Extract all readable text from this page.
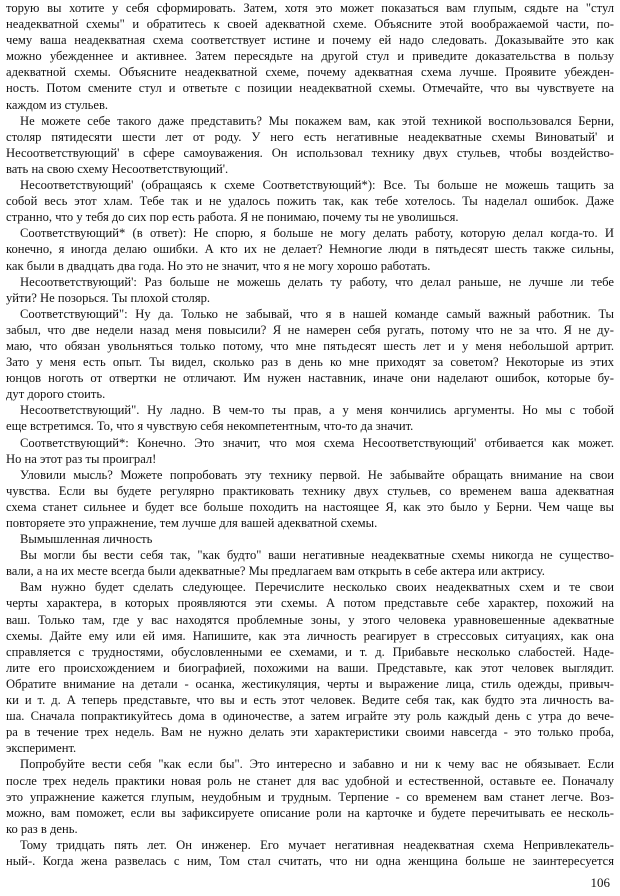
торую вы хотите у себя сформировать. Затем, хотя это может показаться вам глупым, сядьте на "стул
неадекватной схемы" и обратитесь к своей адекватной схеме. Объясните этой воображаемой части, по-
чему ваша неадекватная схема соответствует истине и почему ей надо следовать. Доказывайте это как
можно убежденнее и активнее. Затем пересядьте на другой стул и приведите доказательства в пользу
адекватной схемы. Объясните неадекватной схеме, почему адекватная схема лучше. Проявите убежден-
ность. Потом смените стул и ответьте с позиции неадекватной схемы. Отмечайте, что вы чувствуете на
каждом из стульев.
Не можете себе такого даже представить? Мы покажем вам, как этой техникой воспользовался Берни,
столяр пятидесяти шести лет от роду. У него есть негативные неадекватные схемы Виноватый' и
Несоответствующий' в сфере самоуважения. Он использовал технику двух стульев, чтобы воздейство-
вать на свою схему Несоответствующий'.
Несоответствующий' (обращаясь к схеме Соответствующий*): Все. Ты больше не можешь тащить за
собой весь этот хлам. Тебе так и не удалось пожить так, как тебе хотелось. Ты наделал ошибок. Даже
странно, что у тебя до сих пор есть работа. Я не понимаю, почему ты не уволишься.
Соответствующий* (в ответ): Не спорю, я больше не могу делать работу, которую делал когда-то. И
конечно, я иногда делаю ошибки. А кто их не делает? Немногие люди в пятьдесят шесть также сильны,
как были в двадцать два года. Но это не значит, что я не могу хорошо работать.
Несоответствующий': Раз больше не можешь делать ту работу, что делал раньше, не лучше ли тебе
уйти? Не позорься. Ты плохой столяр.
Соответствующий": Ну да. Только не забывай, что я в нашей команде самый важный работник. Ты
забыл, что две недели назад меня повысили? Я не намерен себя ругать, потому что не за что. Я не ду-
маю, что обязан увольняться только потому, что мне пятьдесят шесть лет и у меня небольшой артрит.
Зато у меня есть опыт. Ты видел, сколько раз в день ко мне приходят за советом? Некоторые из этих
юнцов ноготь от отвертки не отличают. Им нужен наставник, иначе они наделают ошибок, которые бу-
дут дорого стоить.
Несоответствующий". Ну ладно. В чем-то ты прав, а у меня кончились аргументы. Но мы с тобой
еще встретимся. То, что я чувствую себя некомпетентным, что-то да значит.
Соответствующий*: Конечно. Это значит, что моя схема Несоответствующий' отбивается как может.
Но на этот раз ты проиграл!
Уловили мысль? Можете попробовать эту технику первой. Не забывайте обращать внимание на свои
чувства. Если вы будете регулярно практиковать технику двух стульев, со временем ваша адекватная
схема станет сильнее и будет все больше походить на настоящее Я, как это было у Берни. Чем чаще вы
повторяете это упражнение, тем лучше для вашей адекватной схемы.
Вымышленная личность
Вы могли бы вести себя так, "как будто" ваши негативные неадекватные схемы никогда не существо-
вали, а на их месте всегда были адекватные? Мы предлагаем вам открыть в себе актера или актрису.
Вам нужно будет сделать следующее. Перечислите несколько своих неадекватных схем и те свои
черты характера, в которых проявляются эти схемы. А потом представьте себе характер, похожий на
ваш. Только там, где у вас находятся проблемные зоны, у этого человека уравновешенные адекватные
схемы. Дайте ему или ей имя. Напишите, как эта личность реагирует в стрессовых ситуациях, как она
справляется с трудностями, обусловленными ее схемами, и т. д. Прибавьте несколько слабостей. Наде-
лите его происхождением и биографией, похожими на ваши. Представьте, как этот человек выглядит.
Обратите внимание на детали - осанка, жестикуляция, черты и выражение лица, стиль одежды, привыч-
ки и т. д. А теперь представьте, что вы и есть этот человек. Ведите себя так, как будто эта личность ва-
ша. Сначала попрактикуйтесь дома в одиночестве, а затем играйте эту роль каждый день с утра до вече-
ра в течение трех недель. Вам не нужно делать эти характеристики своими навсегда - это только проба,
эксперимент.
Попробуйте вести себя "как если бы". Это интересно и забавно и ни к чему вас не обязывает. Если
после трех недель практики новая роль не станет для вас удобной и естественной, оставьте ее. Поначалу
это упражнение кажется глупым, неудобным и трудным. Терпение - со временем вам станет легче. Воз-
можно, вам поможет, если вы зафиксируете описание роли на карточке и будете перечитывать ее несколь-
ко раз в день.
Тому тридцать пять лет. Он инженер. Его мучает негативная неадекватная схема Непривлекатель-
ный-. Когда жена развелась с ним, Том стал считать, что ни одна женщина больше не заинтересуется
106
